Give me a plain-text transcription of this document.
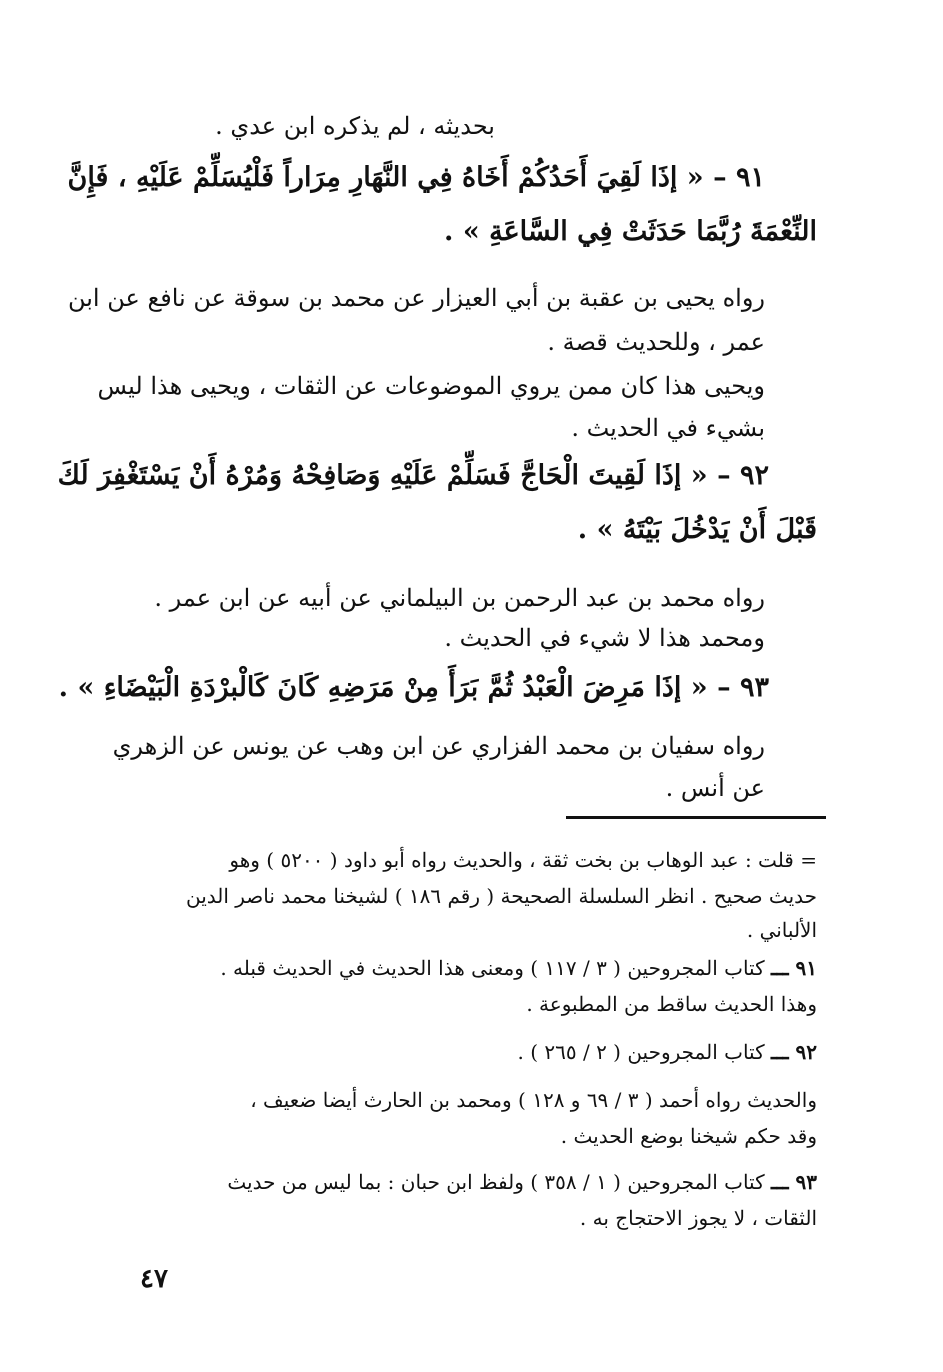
بحديثه ، لم يذكره ابن عدي .

٩١ – « إذَا لَقِيَ أَحَدُكُمْ أَخَاهُ فِي النَّهَارِ مِرَاراً فَلْيُسَلِّمْ عَلَيْهِ ، فَإِنَّ

النِّعْمَةَ رُبَّمَا حَدَثَتْ فِي السَّاعَةِ » .

رواه يحيى بن عقبة بن أبي العيزار عن محمد بن سوقة عن نافع عن ابن

عمر ، وللحديث قصة .

ويحيى هذا كان ممن يروي الموضوعات عن الثقات ، ويحيى هذا ليس

بشيء في الحديث .

٩٢ – « إذَا لَقِيتَ الْحَاجَّ فَسَلِّمْ عَلَيْهِ وَصَافِحْهُ وَمُرْهُ أَنْ يَسْتَغْفِرَ لَكَ

قَبْلَ أَنْ يَدْخُلَ بَيْتَهُ » .

رواه محمد بن عبد الرحمن بن البيلماني عن أبيه عن ابن عمر .

ومحمد هذا لا شيء في الحديث .

٩٣ – « إذَا مَرِضَ الْعَبْدُ ثُمَّ بَرَأَ مِنْ مَرَضِهِ كَانَ كَالْبرْدَةِ الْبَيْضَاءِ » .

رواه سفيان بن محمد الفزاري عن ابن وهب عن يونس عن الزهري

عن أنس .

= قلت : عبد الوهاب بن بخت ثقة ، والحديث رواه أبو داود ( ٥٢٠٠ ) وهو

حديث صحيح . انظر السلسلة الصحيحة ( رقم ١٨٦ ) لشيخنا محمد ناصر الدين

الألباني .

٩١ ـــ كتاب المجروحين ( ٣ / ١١٧ ) ومعنى هذا الحديث في الحديث قبله .

وهذا الحديث ساقط من المطبوعة .

٩٢ ـــ كتاب المجروحين ( ٢ / ٢٦٥ ) .

والحديث رواه أحمد ( ٣ / ٦٩ و ١٢٨ ) ومحمد بن الحارث أيضا ضعيف ،

وقد حكم شيخنا بوضع الحديث .

٩٣ ـــ كتاب المجروحين ( ١ / ٣٥٨ ) ولفظ ابن حبان : بما ليس من حديث

الثقات ، لا يجوز الاحتجاج به .

٤٧
